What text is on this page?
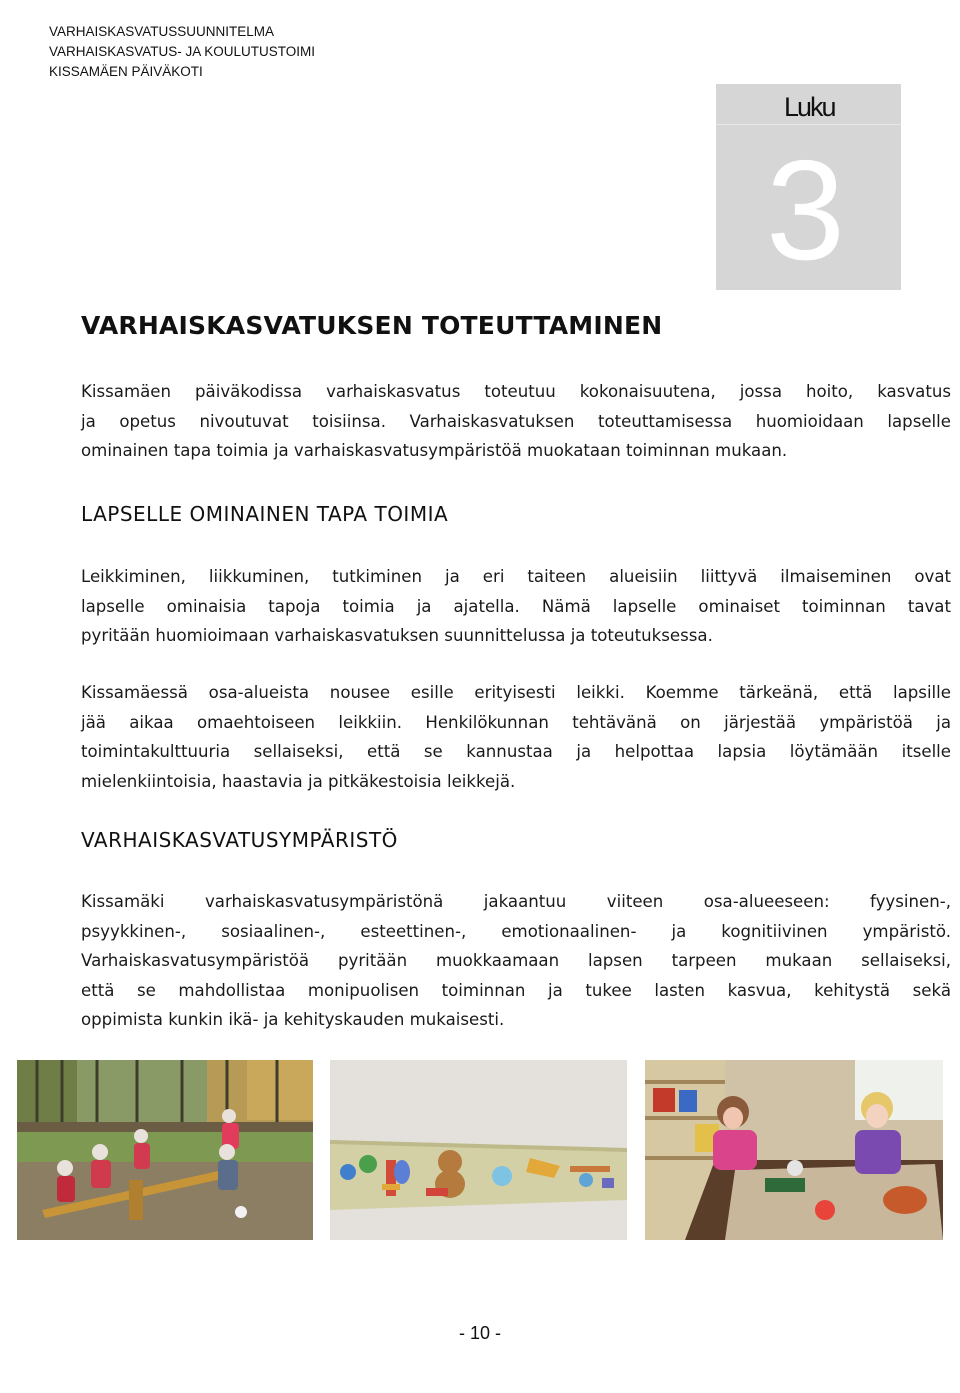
VARHAISKASVATUSSUUNNITELMA
VARHAISKASVATUS- JA KOULUTUSTOIMI
KISSAMÄEN PÄIVÄKOTI
Luku
3
VARHAISKASVATUKSEN TOTEUTTAMINEN
Kissamäen päiväkodissa varhaiskasvatus toteutuu kokonaisuutena, jossa hoito, kasvatus
ja opetus nivoutuvat toisiinsa. Varhaiskasvatuksen toteuttamisessa huomioidaan lapselle
ominainen tapa toimia ja varhaiskasvatusympäristöä muokataan toiminnan mukaan.
LAPSELLE OMINAINEN TAPA TOIMIA
Leikkiminen, liikkuminen, tutkiminen ja eri taiteen alueisiin liittyvä ilmaiseminen ovat
lapselle ominaisia tapoja toimia ja ajatella. Nämä lapselle ominaiset toiminnan tavat
pyritään huomioimaan varhaiskasvatuksen suunnittelussa ja toteutuksessa.
Kissamäessä osa-alueista nousee esille erityisesti leikki. Koemme tärkeänä, että lapsille
jää aikaa omaehtoiseen leikkiin. Henkilökunnan tehtävänä on järjestää ympäristöä ja
toimintakulttuuria sellaiseksi, että se kannustaa ja helpottaa lapsia löytämään itselle
mielenkiintoisia, haastavia ja pitkäkestoisia leikkejä.
VARHAISKASVATUSYMPÄRISTÖ
Kissamäki varhaiskasvatusympäristönä jakaantuu viiteen osa-alueeseen: fyysinen-,
psyykkinen-, sosiaalinen-, esteettinen-, emotionaalinen- ja kognitiivinen ympäristö.
Varhaiskasvatusympäristöä pyritään muokkaamaan lapsen tarpeen mukaan sellaiseksi,
että se mahdollistaa monipuolisen toiminnan ja tukee lasten kasvua, kehitystä sekä
oppimista kunkin ikä- ja kehityskauden mukaisesti.
- 10 -
